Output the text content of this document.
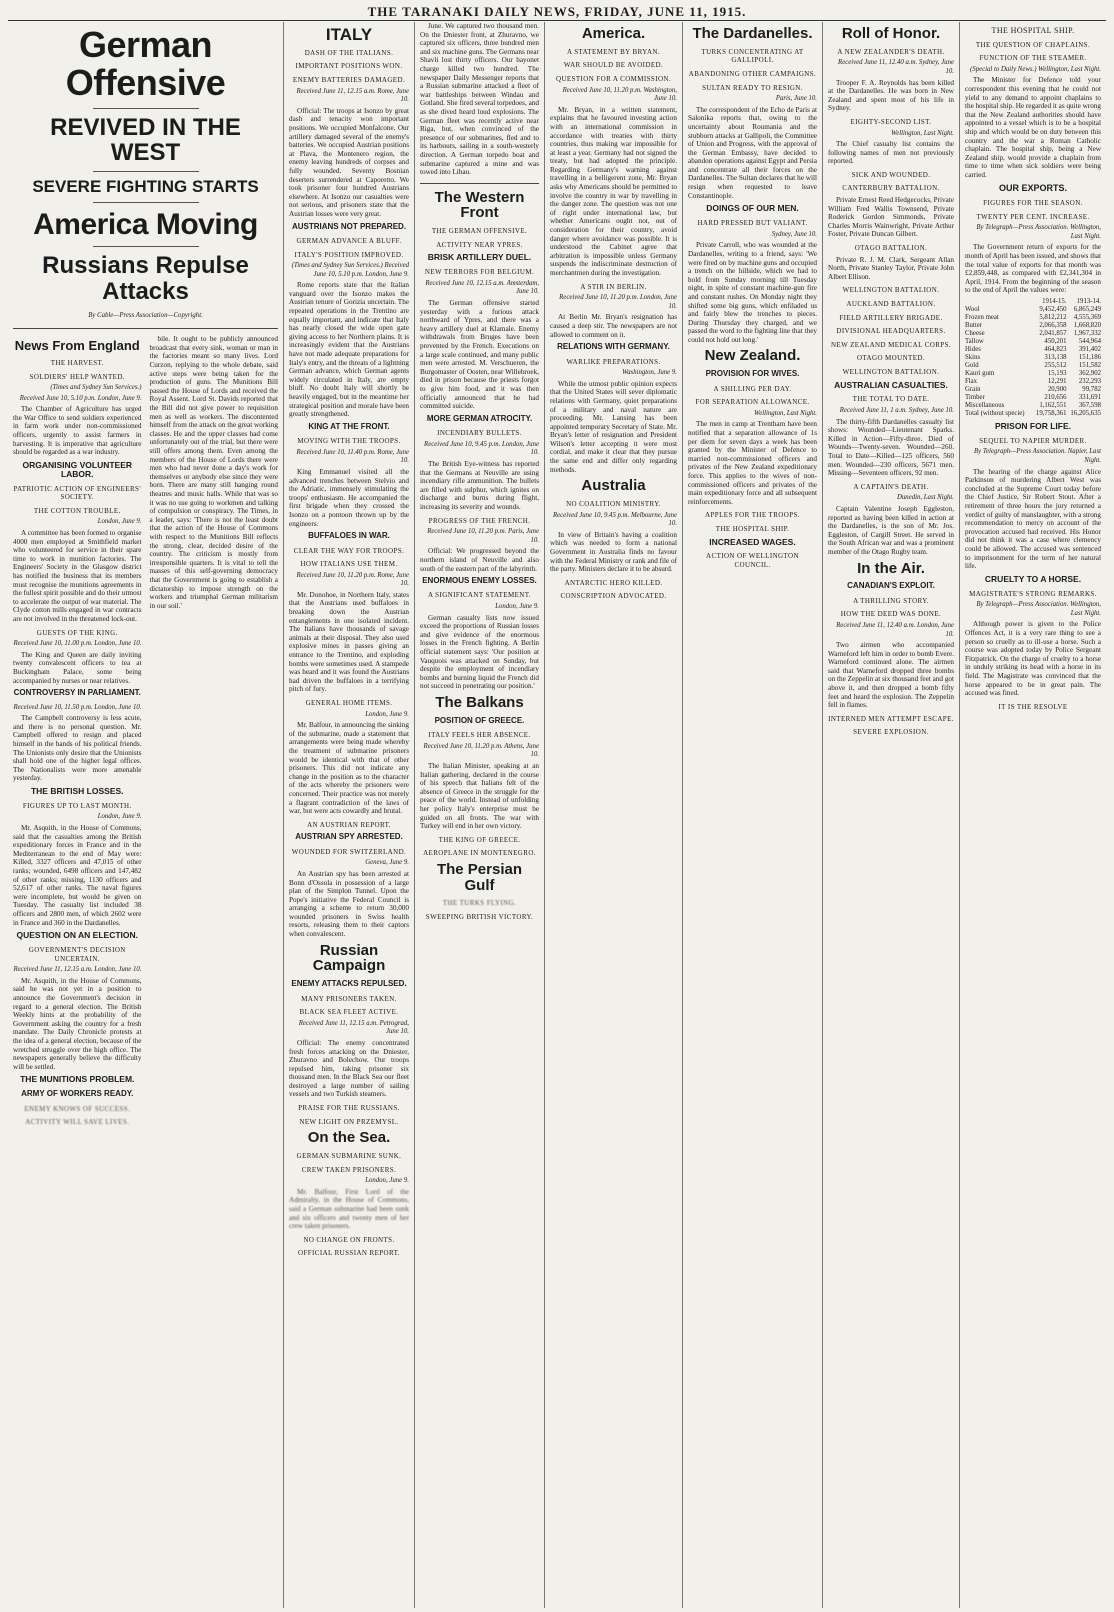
THE TARANAKI DAILY NEWS, FRIDAY, JUNE 11, 1915.
German Offensive
REVIVED IN THE WEST
SEVERE FIGHTING STARTS
America Moving
Russians Repulse Attacks
By Cable—Press Association—Copyright.
News From England
THE HARVEST.
SOLDIERS' HELP WANTED.
(Times and Sydney Sun Services.)
Received June 10, 5.10 p.m. London, June 9.

The Chamber of Agriculture has urged the War Office to send soldiers experienced in farm work under non-commissioned officers, urgently to assist farmers in harvesting. It is imperative that agriculture should be regarded as a war industry.

ORGANISING VOLUNTEER LABOR.
PATRIOTIC ACTION OF ENGINEERS' SOCIETY.
THE COTTON TROUBLE.
London, June 9.

A committee has been formed to organise 4000 men employed at Smithfield market who volunteered for service in their spare time to work in munition factories. The Engineers' Society in the Glasgow district has notified the business that its members must recognise the munitions agreements in the fullest spirit possible and do their utmost to accelerate the output of war material. The Clyde cotton mills engaged in war contracts are not involved in the threatened lock-out.

GUESTS OF THE KING.
Received June 10, 11.00 p.m. London, June 10.

The King and Queen are daily inviting twenty convalescent officers to tea at Buckingham Palace, some being accompanied by nurses or near relatives.

CONTROVERSY IN PARLIAMENT.
Received June 10, 11.50 p.m. London, June 10.

The Campbell controversy is less acute, and there is no personal question. Mr. Campbell offered to resign and placed himself in the hands of his political friends. The Unionists only desire that the Unionists shall hold one of the higher legal offices. The Nationalists were more amenable yesterday.

THE BRITISH LOSSES.
FIGURES UP TO LAST MONTH.
London, June 9.

Mr. Asquith, in the House of Commons, said that the casualties among the British expeditionary forces in France and in the Mediterranean to the end of May were: Killed, 3327 officers and 47,015 of other ranks; wounded, 6498 officers and 147,482 of other ranks; missing, 1130 officers and 52,617 of other ranks. The naval figures were incomplete, but would be given on Tuesday. The casualty list included 38 officers and 2800 men, of which 2602 were in France and 360 in the Dardanelles.

QUESTION ON AN ELECTION.
GOVERNMENT'S DECISION UNCERTAIN.
Received June 11, 12.15 a.m. London, June 10.

Mr. Asquith, in the House of Commons, said he was not yet in a position to announce the Government's decision in regard to a general election. The British Weekly hints at the probability of the Government asking the country for a fresh mandate. The Daily Chronicle protests at the idea of a general election, because of the wretched struggle over the high office. The newspapers generally believe the difficulty will be settled.

THE MUNITIONS PROBLEM.
ARMY OF WORKERS READY.
ENEMY KNOWS OF SUCCESS.
ACTIVITY WILL SAVE LIVES.

bile. It ought to be publicly announced broadcast that every sink, woman or man in the factories meant so many lives. Lord Curzon, replying to the whole debate, said active steps were being taken for the production of guns. The Munitions Bill passed the House of Lords and received the Royal Assent. Lord St. Davids reported that the Bill did not give power to requisition men as well as workers. The discontented himself from the attack on the great working classes. He and the upper classes had come unfortunately out of the trial, but there were still offers among them. Even among the members of the House of Lords there were men who had never done a day's work for themselves or anybody else since they were born. There are many still hanging round theatres and music halls. While that was so it was no use going to workmen and talking of compulsion or conspiracy. The Times, in a leader, says: 'There is not the least doubt that the action of the House of Commons with respect to the Munitions Bill reflects the strong, clear, decided desire of the country. The criticism is mostly from irresponsible quarters. It is vital to tell the masses of this self-governing democracy that the Government is going to establish a dictatorship to impose strength on the workers and triumphal German militarism in our soil.'

ITALY
DASH OF THE ITALIANS.
IMPORTANT POSITIONS WON.
ENEMY BATTERIES DAMAGED.
Received June 11, 12.15 a.m. Rome, June 10.

Official: The troops at Isonzo by great dash and tenacity won important positions. We occupied Monfalcone. Our artillery damaged several of the enemy's batteries. We occupied Austrian positions at Plava, the Montenero region, the enemy leaving hundreds of corpses and fully wounded. Seventy Bosnian deserters surrendered at Caporetto. We took prisoner four hundred Austrians elsewhere. At Isonzo our casualties were not serious, and prisoners state that the Austrian losses were very great.

AUSTRIANS NOT PREPARED.
GERMAN ADVANCE A BLUFF.
ITALY'S POSITION IMPROVED.
(Times and Sydney Sun Services.) Received June 10, 5.10 p.m. London, June 9.

Rome reports state that the Italian vanguard over the Isonzo makes the Austrian tenure of Gorizia uncertain. The repeated operations in the Trentino are equally important, and indicate that Italy has nearly closed the wide open gate giving access to her Northern plains. It is increasingly evident that the Austrians have not made adequate preparations for Italy's entry, and the threats of a lightning German advance, which German agents widely circulated in Italy, are empty bluff. No doubt Italy will shortly be heavily engaged, but in the meantime her strategical position and morale have been greatly strengthened.

KING AT THE FRONT.
MOVING WITH THE TROOPS.
Received June 10, 11.40 p.m. Rome, June 10.

King Emmanuel visited all the advanced trenches between Stelvio and the Adriatic, immensely stimulating the troops' enthusiasm. He accompanied the first brigade when they crossed the Isonzo on a pontoon thrown up by the engineers.

BUFFALOES IN WAR.
CLEAR THE WAY FOR TROOPS.
HOW ITALIANS USE THEM.
Received June 10, 11.20 p.m. Rome, June 10.

Mr. Donohoe, in Northern Italy, states that the Austrians used buffaloes in breaking down the Austrian entanglements in one isolated incident. The Italians have thousands of savage animals at their disposal. They also used explosive mines in passes giving an entrance to the Trentino, and exploding bombs were sometimes used. A stampede was heard and it was found the Austrians had driven the buffaloes in a terrifying pitch of fury.

GENERAL HOME ITEMS.
London, June 9.

Mr. Balfour, in announcing the sinking of the submarine, made a statement that arrangements were being made whereby the treatment of submarine prisoners would be identical with that of other prisoners. This did not indicate any change in the position as to the character of the acts whereby the prisoners were concerned. Their practice was not merely a flagrant contradiction of the laws of war, but were acts cowardly and brutal.

AN AUSTRIAN REPORT.
AUSTRIAN SPY ARRESTED.
WOUNDED FOR SWITZERLAND.
Geneva, June 9.

An Austrian spy has been arrested at Bonn d'Ossola in possession of a large plan of the Simplon Tunnel. Upon the Pope's initiative the Federal Council is arranging a scheme to return 30,000 wounded prisoners in Swiss health resorts, releasing them to their captors when convalescent.

Russian Campaign
ENEMY ATTACKS REPULSED.
MANY PRISONERS TAKEN.
BLACK SEA FLEET ACTIVE.
Received June 11, 12.15 a.m. Petrograd, June 10.

Official: The enemy concentrated fresh forces attacking on the Dniester, Zhuravno and Bolechow. Our troops repulsed him, taking prisoner six thousand men. In the Black Sea our fleet destroyed a large number of sailing vessels and two Turkish steamers.

PRAISE FOR THE RUSSIANS.
NEW LIGHT ON PRZEMYSL.
On the Sea.
GERMAN SUBMARINE SUNK.
CREW TAKEN PRISONERS.
London, June 9.

Mr. Balfour, First Lord of the Admiralty, in the House of Commons, said a German submarine had been sunk and six officers and twenty men of her crew taken prisoners.

NO CHANGE ON FRONTS.
OFFICIAL RUSSIAN REPORT.

June. We captured two thousand men. On the Dniester front, at Zhuravno, we captured six officers, three hundred men and six machine guns. The Germans near Shavli lost thirty officers. Our bayonet charge killed two hundred. The newspaper Daily Messenger reports that a Russian submarine attacked a fleet of war battleships between Windau and Gotland. She fired several torpedoes, and as she dived heard loud explosions. The German fleet was recently active near Riga, but, when convinced of the presence of our submarines, fled and to its harbours, sailing in a south-westerly direction. A German torpedo boat and submarine captured a mine and was towed into Libau.

The Western Front
THE GERMAN OFFENSIVE.
ACTIVITY NEAR YPRES.
BRISK ARTILLERY DUEL.
NEW TERRORS FOR BELGIUM.
Received June 10, 12.15 a.m. Amsterdam, June 10.

The German offensive started yesterday with a furious attack northward of Ypres, and there was a heavy artillery duel at Klamale. Enemy withdrawals from Bruges have been prevented by the French. Executions on a large scale continued, and many public men were arrested. M. Verschueren, the Burgomaster of Oosten, near Willebroek, died in prison because the priests forgot to give him food, and it was then officially announced that he had committed suicide.

MORE GERMAN ATROCITY.
INCENDIARY BULLETS.
Received June 10, 9.45 p.m. London, June 10.

The British Eye-witness has reported that the Germans at Neuville are using incendiary rifle ammunition. The bullets are filled with sulphur, which ignites on discharge and burns during flight, increasing its severity and wounds.

PROGRESS OF THE FRENCH.
Received June 10, 11.20 p.m. Paris, June 10.

Official: We progressed beyond the northern island of Neuville and also south of the eastern part of the labyrinth.

ENORMOUS ENEMY LOSSES.
A SIGNIFICANT STATEMENT.
London, June 9.

German casualty lists now issued exceed the proportions of Russian losses and give evidence of the enormous losses in the French fighting. A Berlin official statement says: 'Our position at Vauquois was attacked on Sunday, but despite the employment of incendiary bombs and burning liquid the French did not succeed in penetrating our position.'

The Balkans
POSITION OF GREECE.
ITALY FEELS HER ABSENCE.
Received June 10, 11.20 p.m. Athens, June 10.

The Italian Minister, speaking at an Italian gathering, declared in the course of his speech that Italians felt of the absence of Greece in the struggle for the peace of the world. Instead of unfolding her policy Italy's enterprise must be guided on all fronts. The war with Turkey will end in her own victory.

THE KING OF GREECE.
AEROPLANE IN MONTENEGRO.
The Persian Gulf
THE TURKS FLYING.
SWEEPING BRITISH VICTORY.
America.
A STATEMENT BY BRYAN.
WAR SHOULD BE AVOIDED.
QUESTION FOR A COMMISSION.
Received June 10, 11.20 p.m. Washington, June 10.

Mr. Bryan, in a written statement, explains that he favoured investing action with an international commission in accordance with treaties with thirty countries, thus making war impossible for at least a year. Germany had not signed the treaty, but had adopted the principle. Regarding Germany's warning against travelling in a belligerent zone, Mr. Bryan asks why Americans should be permitted to involve the country in war by travelling in the danger zone. The question was not one of right under international law, but whether Americans ought not, out of consideration for their country, avoid danger where avoidance was possible. It is understood the Cabinet agree that arbitration is impossible unless Germany suspends the indiscriminate destruction of merchantmen during the investigation.

A STIR IN BERLIN.
Received June 10, 11.20 p.m. London, June 10.

At Berlin Mr. Bryan's resignation has caused a deep stir. The newspapers are not allowed to comment on it.

RELATIONS WITH GERMANY.
WARLIKE PREPARATIONS.
Washington, June 9.

While the utmost public opinion expects that the United States will sever diplomatic relations with Germany, quiet preparations of a military and naval nature are proceeding. Mr. Lansing has been appointed temporary Secretary of State. Mr. Bryan's letter of resignation and President Wilson's letter accepting it were most cordial, and make it clear that they pursue the same end and differ only regarding methods.

Australia
NO COALITION MINISTRY.
Received June 10, 9.45 p.m. Melbourne, June 10.

In view of Britain's having a coalition which was needed to form a national Government in Australia finds no favour with the Federal Ministry or rank and file of the party. Ministers declare it to be absurd.

ANTARCTIC HERO KILLED.
CONSCRIPTION ADVOCATED.
The Dardanelles.
TURKS CONCENTRATING AT GALLIPOLI.
ABANDONING OTHER CAMPAIGNS.
SULTAN READY TO RESIGN.
Paris, June 10.

The correspondent of the Echo de Paris at Salonika reports that, owing to the uncertainty about Roumania and the stubborn attacks at Gallipoli, the Committee of Union and Progress, with the approval of the German Embassy, have decided to abandon operations against Egypt and Persia and concentrate all their forces on the Dardanelles. The Sultan declares that he will resign when requested to leave Constantinople.

DOINGS OF OUR MEN.
HARD PRESSED BUT VALIANT.
Sydney, June 10.

Private Carroll, who was wounded at the Dardanelles, writing to a friend, says: 'We were fired on by machine guns and occupied a trench on the hillside, which we had to hold from Sunday morning till Tuesday night, in spite of constant machine-gun fire and constant rushes. On Monday night they shifted some big guns, which enfiladed us and fairly blew the trenches to pieces. During Thursday they charged, and we passed the word to the fighting line that they could not hold out long.'

New Zealand.
PROVISION FOR WIVES.
A SHILLING PER DAY.
FOR SEPARATION ALLOWANCE.
Wellington, Last Night.

The men in camp at Trentham have been notified that a separation allowance of 1s per diem for seven days a week has been granted by the Minister of Defence to married non-commissioned officers and privates of the New Zealand expeditionary force. This applies to the wives of non-commissioned officers and privates of the main expeditionary force and all subsequent reinforcements.

APPLES FOR THE TROOPS.
THE HOSPITAL SHIP.
INCREASED WAGES.
ACTION OF WELLINGTON COUNCIL.
Roll of Honor.
A NEW ZEALANDER'S DEATH.
Received June 11, 12.40 a.m. Sydney, June 10.

Trooper F. A. Reynolds has been killed at the Dardanelles. He was born in New Zealand and spent most of his life in Sydney.

EIGHTY-SECOND LIST.
Wellington, Last Night.

The Chief casualty list contains the following names of men not previously reported.

SICK AND WOUNDED.
CANTERBURY BATTALION.

Private Ernest Reed Hedgecocks, Private William Fred Wallis Townsend, Private Roderick Gordon Simmonds, Private Charles Morris Wainwright, Private Arthur Foster, Private Duncan Gilbert.

OTAGO BATTALION.

Private R. J. M. Clark, Sergeant Allan North, Private Stanley Taylor, Private John Albert Ellison.

WELLINGTON BATTALION.
AUCKLAND BATTALION.
FIELD ARTILLERY BRIGADE.
DIVISIONAL HEADQUARTERS.
NEW ZEALAND MEDICAL CORPS.
OTAGO MOUNTED.
WELLINGTON BATTALION.
AUSTRALIAN CASUALTIES.
THE TOTAL TO DATE.
Received June 11, 1 a.m. Sydney, June 10.

The thirty-fifth Dardanelles casualty list shows: Wounded—Lieutenant Sparks. Killed in Action—Fifty-three. Died of Wounds—Twenty-seven. Wounded—260. Total to Date—Killed—125 officers, 560 men. Wounded—230 officers, 5671 men. Missing—Seventeen officers, 92 men.

A CAPTAIN'S DEATH.
Dunedin, Last Night.

Captain Valentine Joseph Eggleston, reported as having been killed in action at the Dardanelles, is the son of Mr. Jos. Eggleston, of Cargill Street. He served in the South African war and was a prominent member of the Otago Rugby team.

In the Air.
CANADIAN'S EXPLOIT.
A THRILLING STORY.
HOW THE DEED WAS DONE.
Received June 11, 12.40 a.m. London, June 10.

Two airmen who accompanied Warneford left him in order to bomb Evere. Warneford continued alone. The airmen said that Warneford dropped three bombs on the Zeppelin at six thousand feet and got above it, and then dropped a bomb fifty feet and heard the explosion. The Zeppelin fell in flames.

INTERNED MEN ATTEMPT ESCAPE.
SEVERE EXPLOSION.
THE HOSPITAL SHIP.
THE QUESTION OF CHAPLAINS.
FUNCTION OF THE STEAMER.
(Special to Daily News.) Wellington, Last Night.

The Minister for Defence told your correspondent this evening that he could not yield to any demand to appoint chaplains to the hospital ship. He regarded it as quite wrong that the New Zealand authorities should have appointed to a vessel which is to be a hospital ship and which would be on duty between this country and the war a Roman Catholic chaplain. The hospital ship, being a New Zealand ship, would provide a chaplain from time to time when sick soldiers were being carried.

OUR EXPORTS.
FIGURES FOR THE SEASON.
TWENTY PER CENT. INCREASE.
By Telegraph—Press Association. Wellington, Last Night.

The Government return of exports for the month of April has been issued, and shows that the total value of exports for that month was £2,859,448, as compared with £2,341,304 in April, 1914. From the beginning of the season to the end of April the values were:

	1914-15.	1913-14.
Wool	9,452,450	6,865,249
Frozen meat	5,812,212	4,555,369
Butter	2,066,358	1,668,820
Cheese	2,041,857	1,967,332
Tallow	450,201	544,964
Hides	464,823	391,402
Skins	313,138	151,186
Gold	255,512	151,582
Kauri gum	15,193	362,902
Flax	12,291	232,293
Grain	20,900	99,782
Timber	210,656	331,691
Miscellaneous	1,162,551	367,598
Total (without specie)	19,758,361	16,205,635
PRISON FOR LIFE.
SEQUEL TO NAPIER MURDER.
By Telegraph—Press Association. Napier, Last Night.

The hearing of the charge against Alice Parkinson of murdering Albert West was concluded at the Supreme Court today before the Chief Justice, Sir Robert Stout. After a retirement of three hours the jury returned a verdict of guilty of manslaughter, with a strong recommendation to mercy on account of the provocation accused had received. His Honor did not think it was a case where clemency could be allowed. The accused was sentenced to imprisonment for the term of her natural life.

CRUELTY TO A HORSE.
MAGISTRATE'S STRONG REMARKS.
By Telegraph—Press Association. Wellington, Last Night.

Although power is given to the Police Offences Act, it is a very rare thing to see a person so cruelly as to ill-use a horse. Such a course was adopted today by Police Sergeant Fitzpatrick. On the charge of cruelty to a horse in unduly striking its head with a horse in its field. The Magistrate was convinced that the horse appeared to be in great pain. The accused was fined.

IT IS THE RESOLVE
